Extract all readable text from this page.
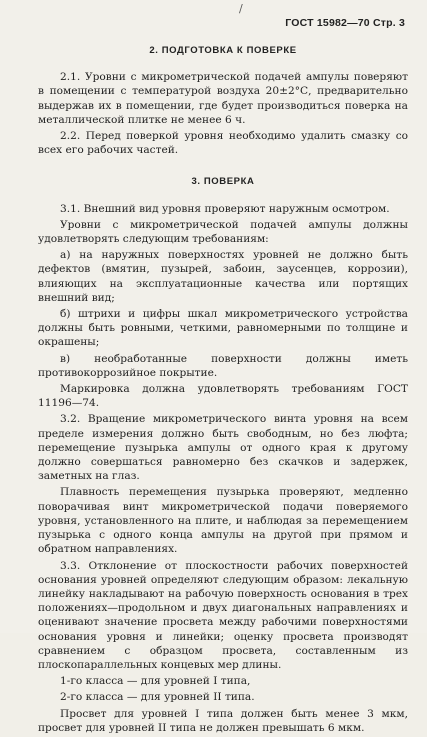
/
ГОСТ 15982—70 Стр. 3
2. ПОДГОТОВКА К ПОВЕРКЕ

2.1. Уровни с микрометрической подачей ампулы поверяют в помещении с температурой воздуха 20±2°С, предварительно выдержав их в помещении, где будет производиться поверка на металлической плитке не менее 6 ч.

2.2. Перед поверкой уровня необходимо удалить смазку со всех его рабочих частей.

3. ПОВЕРКА

3.1. Внешний вид уровня проверяют наружным осмотром.

Уровни с микрометрической подачей ампулы должны удовлетворять следующим требованиям:

а) на наружных поверхностях уровней не должно быть дефектов (вмятин, пузырей, забоин, заусенцев, коррозии), влияющих на эксплуатационные качества или портящих внешний вид;

б) штрихи и цифры шкал микрометрического устройства должны быть ровными, четкими, равномерными по толщине и окрашены;

в) необработанные поверхности должны иметь противокоррозийное покрытие.

Маркировка должна удовлетворять требованиям ГОСТ 11196—74.

3.2. Вращение микрометрического винта уровня на всем пределе измерения должно быть свободным, но без люфта; перемещение пузырька ампулы от одного края к другому должно совершаться равномерно без скачков и задержек, заметных на глаз.

Плавность перемещения пузырька проверяют, медленно поворачивая винт микрометрической подачи поверяемого уровня, установленного на плите, и наблюдая за перемещением пузырька с одного конца ампулы на другой при прямом и обратном направлениях.

3.3. Отклонение от плоскостности рабочих поверхностей основания уровней определяют следующим образом: лекальную линейку накладывают на рабочую поверхность основания в трех положениях—продольном и двух диагональных направлениях и оценивают значение просвета между рабочими поверхностями основания уровня и линейки; оценку просвета производят сравнением с образцом просвета, составленным из плоскопараллельных концевых мер длины.

1-го класса — для уровней I типа,

2-го класса — для уровней II типа.

Просвет для уровней I типа должен быть менее 3 мкм, просвет для уровней II типа не должен превышать 6 мкм.
